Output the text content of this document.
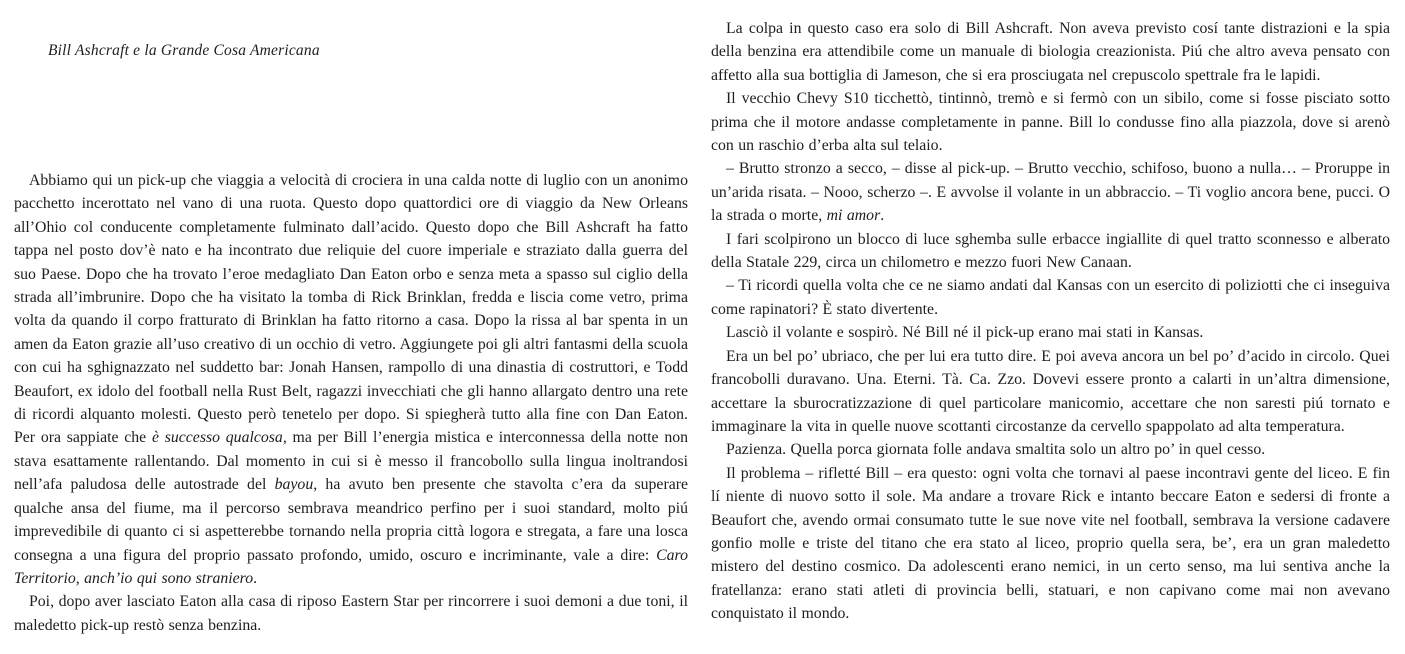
Bill Ashcraft e la Grande Cosa Americana

Abbiamo qui un pick-up che viaggia a velocità di crociera in una calda notte di luglio con un anonimo pacchetto incerottato nel vano di una ruota. Questo dopo quattordici ore di viaggio da New Orleans all’Ohio col conducente completamente fulminato dall’acido. Questo dopo che Bill Ashcraft ha fatto tappa nel posto dov’è nato e ha incontrato due reliquie del cuore imperiale e straziato dalla guerra del suo Paese. Dopo che ha trovato l’eroe medagliato Dan Eaton orbo e senza meta a spasso sul ciglio della strada all’imbrunire. Dopo che ha visitato la tomba di Rick Brinklan, fredda e liscia come vetro, prima volta da quando il corpo fratturato di Brinklan ha fatto ritorno a casa. Dopo la rissa al bar spenta in un amen da Eaton grazie all’uso creativo di un occhio di vetro. Aggiungete poi gli altri fantasmi della scuola con cui ha sghignazzato nel suddetto bar: Jonah Hansen, rampollo di una dinastia di costruttori, e Todd Beaufort, ex idolo del football nella Rust Belt, ragazzi invecchiati che gli hanno allargato dentro una rete di ricordi alquanto molesti. Questo però tenetelo per dopo. Si spiegherà tutto alla fine con Dan Eaton. Per ora sappiate che è successo qualcosa, ma per Bill l’energia mistica e interconnessa della notte non stava esattamente rallentando. Dal momento in cui si è messo il francobollo sulla lingua inoltrandosi nell’afa paludosa delle autostrade del bayou, ha avuto ben presente che stavolta c’era da superare qualche ansa del fiume, ma il percorso sembrava meandrico perfino per i suoi standard, molto piú imprevedibile di quanto ci si aspetterebbe tornando nella propria città logora e stregata, a fare una losca consegna a una figura del proprio passato profondo, umido, oscuro e incriminante, vale a dire: Caro Territorio, anch’io qui sono straniero.

Poi, dopo aver lasciato Eaton alla casa di riposo Eastern Star per rincorrere i suoi demoni a due toni, il maledetto pick-up restò senza benzina.

La colpa in questo caso era solo di Bill Ashcraft. Non aveva previsto cosí tante distrazioni e la spia della benzina era attendibile come un manuale di biologia creazionista. Piú che altro aveva pensato con affetto alla sua bottiglia di Jameson, che si era prosciugata nel crepuscolo spettrale fra le lapidi.

Il vecchio Chevy S10 ticchettò, tintinnò, tremò e si fermò con un sibilo, come si fosse pisciato sotto prima che il motore andasse completamente in panne. Bill lo condusse fino alla piazzola, dove si arenò con un raschio d’erba alta sul telaio.

– Brutto stronzo a secco, – disse al pick-up. – Brutto vecchio, schifoso, buono a nulla… – Proruppe in un’arida risata. – Nooo, scherzo –. E avvolse il volante in un abbraccio. – Ti voglio ancora bene, pucci. O la strada o morte, mi amor.

I fari scolpirono un blocco di luce sghemba sulle erbacce ingiallite di quel tratto sconnesso e alberato della Statale 229, circa un chilometro e mezzo fuori New Canaan.

– Ti ricordi quella volta che ce ne siamo andati dal Kansas con un esercito di poliziotti che ci inseguiva come rapinatori? È stato divertente.

Lasciò il volante e sospirò. Né Bill né il pick-up erano mai stati in Kansas.

Era un bel po’ ubriaco, che per lui era tutto dire. E poi aveva ancora un bel po’ d’acido in circolo. Quei francobolli duravano. Una. Eterni. Tà. Ca. Zzo. Dovevi essere pronto a calarti in un’altra dimensione, accettare la sburocratizzazione di quel particolare manicomio, accettare che non saresti piú tornato e immaginare la vita in quelle nuove scottanti circostanze da cervello spappolato ad alta temperatura.

Pazienza. Quella porca giornata folle andava smaltita solo un altro po’ in quel cesso.

Il problema – rifletté Bill – era questo: ogni volta che tornavi al paese incontravi gente del liceo. E fin lí niente di nuovo sotto il sole. Ma andare a trovare Rick e intanto beccare Eaton e sedersi di fronte a Beaufort che, avendo ormai consumato tutte le sue nove vite nel football, sembrava la versione cadavere gonfio molle e triste del titano che era stato al liceo, proprio quella sera, be’, era un gran maledetto mistero del destino cosmico. Da adolescenti erano nemici, in un certo senso, ma lui sentiva anche la fratellanza: erano stati atleti di provincia belli, statuari, e non capivano come mai non avevano conquistato il mondo.
